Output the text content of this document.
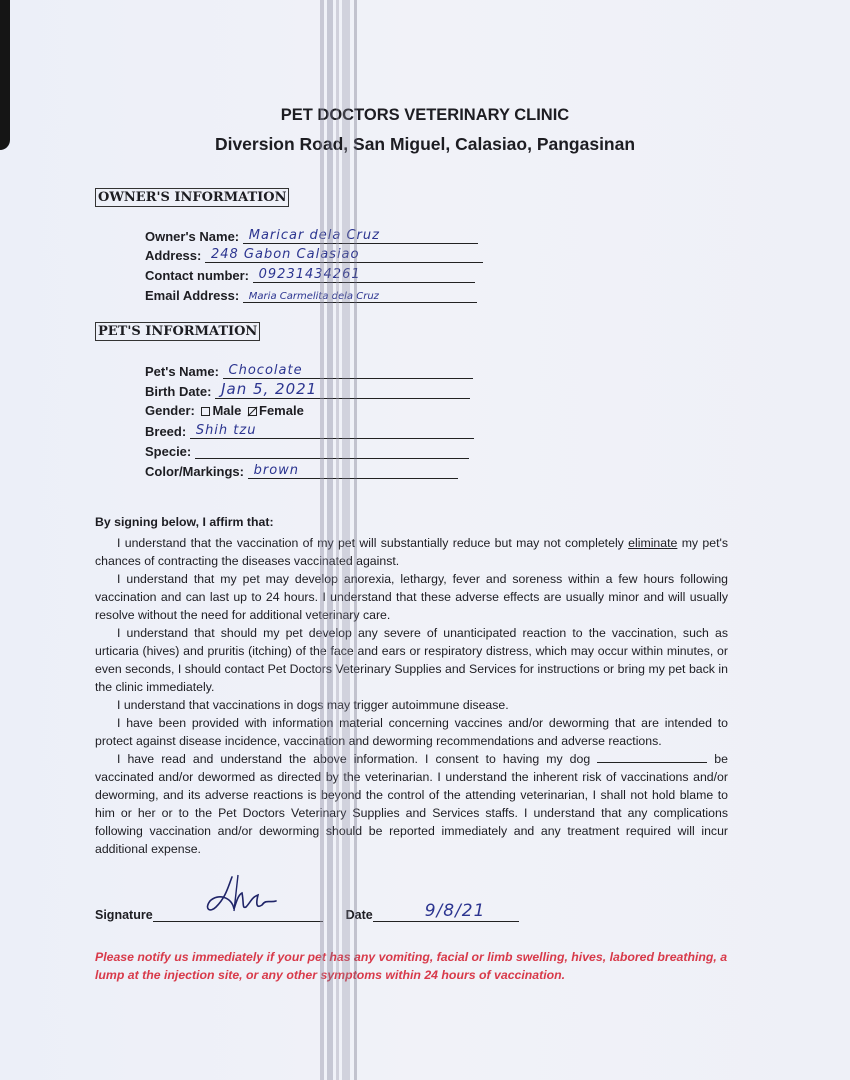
PET DOCTORS VETERINARY CLINIC
Diversion Road, San Miguel, Calasiao, Pangasinan
OWNER'S INFORMATION
Owner's Name: Maricar dela Cruz
Address: 248 Gabon Calasiao
Contact number: 09231434261
Email Address: Maria Carmelita dela Cruz
PET'S INFORMATION
Pet's Name: Chocolate
Birth Date: Jan 5, 2021
Gender: Male Female
Breed: Shih tzu
Specie:
Color/Markings: brown
By signing below, I affirm that:

I understand that the vaccination of my pet will substantially reduce but may not completely eliminate my pet's chances of contracting the diseases vaccinated against.

I understand that my pet may develop anorexia, lethargy, fever and soreness within a few hours following vaccination and can last up to 24 hours. I understand that these adverse effects are usually minor and will usually resolve without the need for additional veterinary care.

I understand that should my pet develop any severe of unanticipated reaction to the vaccination, such as urticaria (hives) and pruritis (itching) of the face and ears or respiratory distress, which may occur within minutes, or even seconds, I should contact Pet Doctors Veterinary Supplies and Services for instructions or bring my pet back in the clinic immediately.

I understand that vaccinations in dogs may trigger autoimmune disease.

I have been provided with information material concerning vaccines and/or deworming that are intended to protect against disease incidence, vaccination and deworming recommendations and adverse reactions.

I have read and understand the above information. I consent to having my dog	be vaccinated and/or dewormed as directed by the veterinarian. I understand the inherent risk of vaccinations and/or deworming, and its adverse reactions is beyond the control of the attending veterinarian, I shall not hold blame to him or her or to the Pet Doctors Veterinary Supplies and Services staffs. I understand that any complications following vaccination and/or deworming should be reported immediately and any treatment required will incur additional expense.

Signature	Date	9/8/21
Please notify us immediately if your pet has any vomiting, facial or limb swelling, hives, labored breathing, a lump at the injection site, or any other symptoms within 24 hours of vaccination.
